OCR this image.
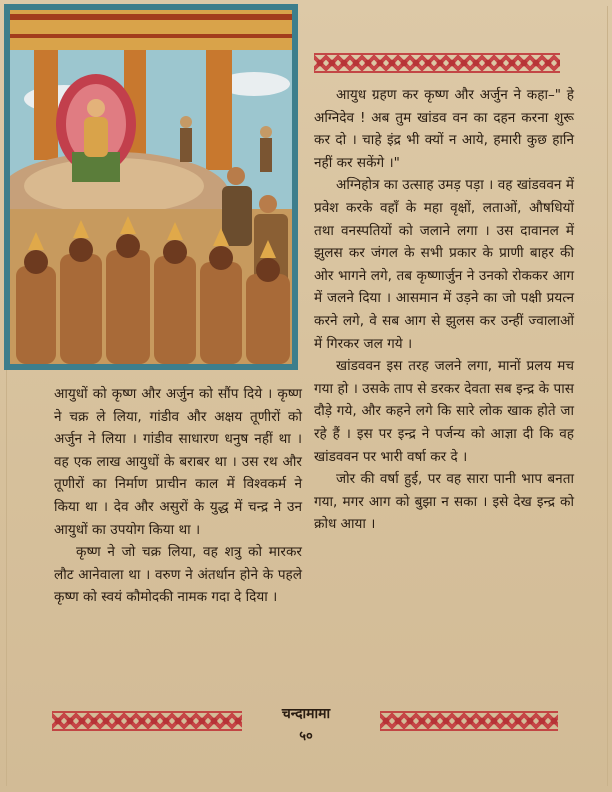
आयुध ग्रहण कर कृष्ण और अर्जुन ने कहा–" हे अग्निदेव ! अब तुम खांडव वन का दहन करना शुरू कर दो । चाहे इंद्र भी क्यों न आये, हमारी कुछ हानि नहीं कर सकेंगे ।"

अग्निहोत्र का उत्साह उमड़ पड़ा । वह खांडववन में प्रवेश करके वहाँ के महा वृक्षों, लताओं, औषधियों तथा वनस्पतियों को जलाने लगा । उस दावानल में झुलस कर जंगल के सभी प्रकार के प्राणी बाहर की ओर भागने लगे, तब कृष्णार्जुन ने उनको रोककर आग में जलने दिया । आसमान में उड़ने का जो पक्षी प्रयत्न करने लगे, वे सब आग से झुलस कर उन्हीं ज्वालाओं में गिरकर जल गये ।

खांडववन इस तरह जलने लगा, मानों प्रलय मच गया हो । उसके ताप से डरकर देवता सब इन्द्र के पास दौड़े गये, और कहने लगे कि सारे लोक खाक होते जा रहे हैं । इस पर इन्द्र ने पर्जन्य को आज्ञा दी कि वह खांडववन पर भारी वर्षा कर दे ।

जोर की वर्षा हुई, पर वह सारा पानी भाप बनता गया, मगर आग को बुझा न सका । इसे देख इन्द्र को क्रोध आया ।

आयुधों को कृष्ण और अर्जुन को सौंप दिये । कृष्ण ने चक्र ले लिया, गांडीव और अक्षय तूणीरों को अर्जुन ने लिया । गांडीव साधारण धनुष नहीं था । वह एक लाख आयुधों के बराबर था । उस रथ और तूणीरों का निर्माण प्राचीन काल में विश्वकर्म ने किया था । देव और असुरों के युद्ध में चन्द्र ने उन आयुधों का उपयोग किया था ।

कृष्ण ने जो चक्र लिया, वह शत्रु को मारकर लौट आनेवाला था । वरुण ने अंतर्धान होने के पहले कृष्ण को स्वयं कौमोदकी नामक गदा दे दिया ।

चन्दामामा
५०
